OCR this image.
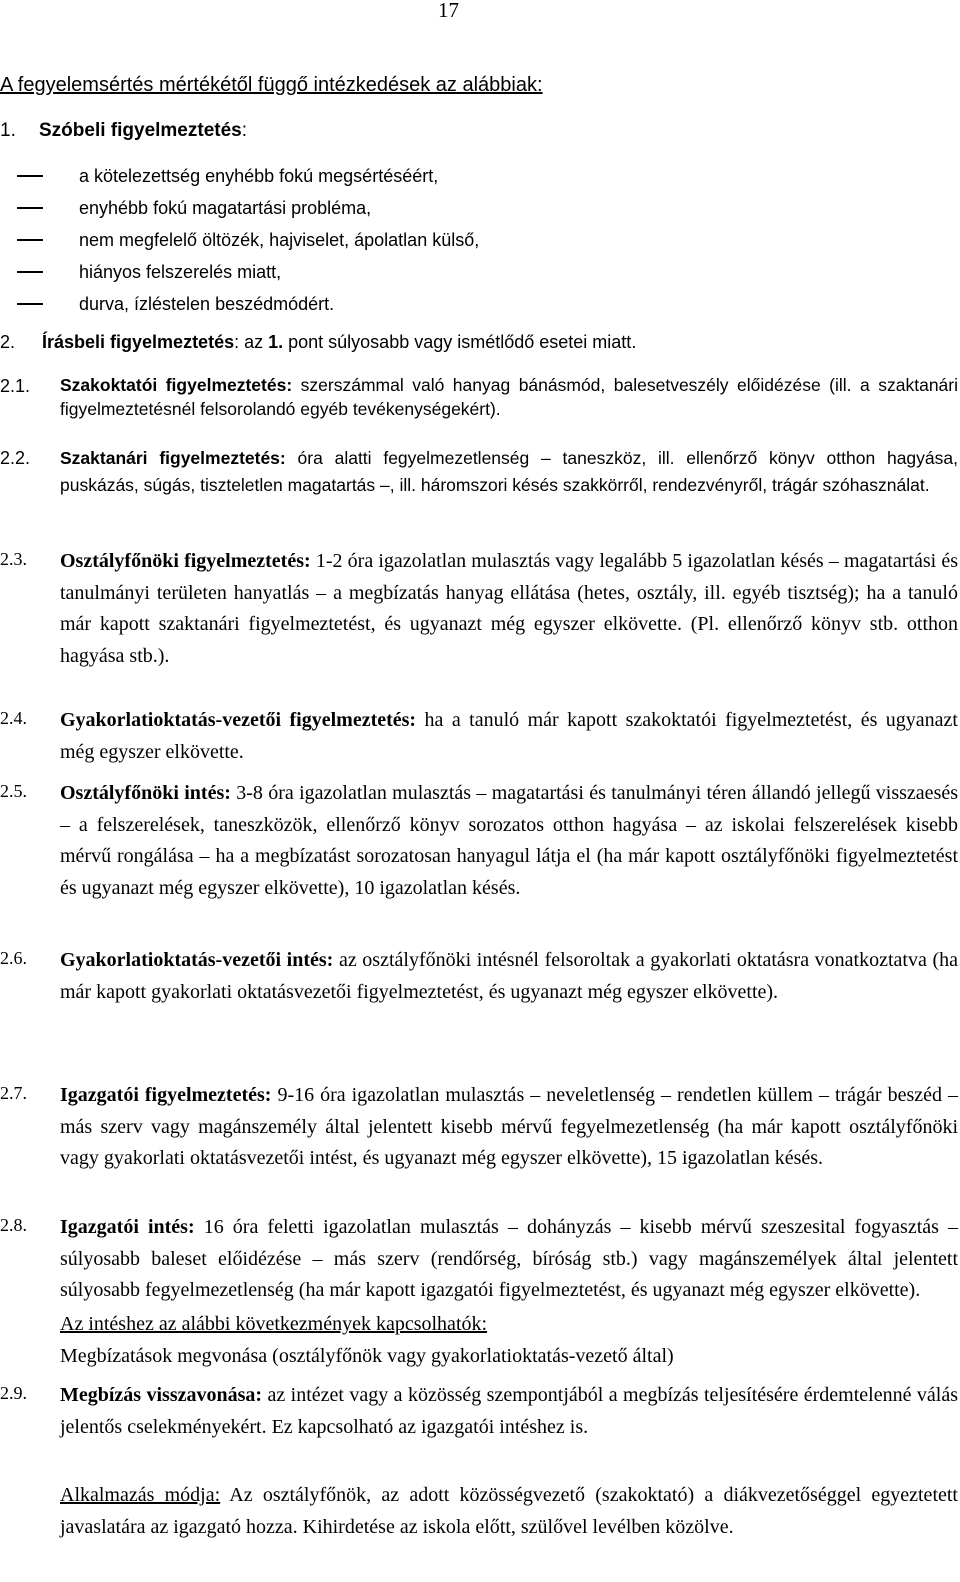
17
A fegyelemsértés mértékétől függő intézkedések az alábbiak:
1. Szóbeli figyelmeztetés:
a kötelezettség enyhébb fokú megsértéséért,
enyhébb fokú magatartási probléma,
nem megfelelő öltözék, hajviselet, ápolatlan külső,
hiányos felszerelés miatt,
durva, ízléstelen beszédmódért.
2. Írásbeli figyelmeztetés: az 1. pont súlyosabb vagy ismétlődő esetei miatt.
2.1. Szakoktatói figyelmeztetés: szerszámmal való hanyag bánásmód, balesetveszély előidézése (ill. a szaktanári figyelmeztetésnél felsorolandó egyéb tevékenységekért).
2.2. Szaktanári figyelmeztetés: óra alatti fegyelmezetlenség – taneszköz, ill. ellenőrző könyv otthon hagyása, puskázás, súgás, tiszteletlen magatartás –, ill. háromszori késés szakkörről, rendezvényről, trágár szóhasználat.
2.3. Osztályfőnöki figyelmeztetés: 1-2 óra igazolatlan mulasztás vagy legalább 5 igazolatlan késés – magatartási és tanulmányi területen hanyatlás – a megbízatás hanyag ellátása (hetes, osztály, ill. egyéb tisztség); ha a tanuló már kapott szaktanári figyelmeztetést, és ugyanazt még egyszer elkövette. (Pl. ellenőrző könyv stb. otthon hagyása stb.).
2.4. Gyakorlatioktatás-vezetői figyelmeztetés: ha a tanuló már kapott szakoktatói figyelmeztetést, és ugyanazt még egyszer elkövette.
2.5. Osztályfőnöki intés: 3-8 óra igazolatlan mulasztás – magatartási és tanulmányi téren állandó jellegű visszaesés – a felszerelések, taneszközök, ellenőrző könyv sorozatos otthon hagyása – az iskolai felszerelések kisebb mérvű rongálása – ha a megbízatást sorozatosan hanyagul látja el (ha már kapott osztályfőnöki figyelmeztetést és ugyanazt még egyszer elkövette), 10 igazolatlan késés.
2.6. Gyakorlatioktatás-vezetői intés: az osztályfőnöki intésnél felsoroltak a gyakorlati oktatásra vonatkoztatva (ha már kapott gyakorlati oktatásvezetői figyelmeztetést, és ugyanazt még egyszer elkövette).
2.7. Igazgatói figyelmeztetés: 9-16 óra igazolatlan mulasztás – neveletlenség – rendetlen küllem – trágár beszéd – más szerv vagy magánszemély által jelentett kisebb mérvű fegyelmezetlenség (ha már kapott osztályfőnöki vagy gyakorlati oktatásvezetői intést, és ugyanazt még egyszer elkövette), 15 igazolatlan késés.
2.8. Igazgatói intés: 16 óra feletti igazolatlan mulasztás – dohányzás – kisebb mérvű szeszesital fogyasztás – súlyosabb baleset előidézése – más szerv (rendőrség, bíróság stb.) vagy magánszemélyek által jelentett súlyosabb fegyelmezetlenség (ha már kapott igazgatói figyelmeztetést, és ugyanazt még egyszer elkövette).
Az intéshez az alábbi következmények kapcsolhatók:
Megbízatások megvonása (osztályfőnök vagy gyakorlatioktatás-vezető által)
2.9. Megbízás visszavonása: az intézet vagy a közösség szempontjából a megbízás teljesítésére érdemtelenné válás jelentős cselekményekért. Ez kapcsolható az igazgatói intéshez is.
Alkalmazás módja: Az osztályfőnök, az adott közösségvezető (szakoktató) a diákvezetőséggel egyeztetett javaslatára az igazgató hozza. Kihirdetése az iskola előtt, szülővel levélben közölve.
